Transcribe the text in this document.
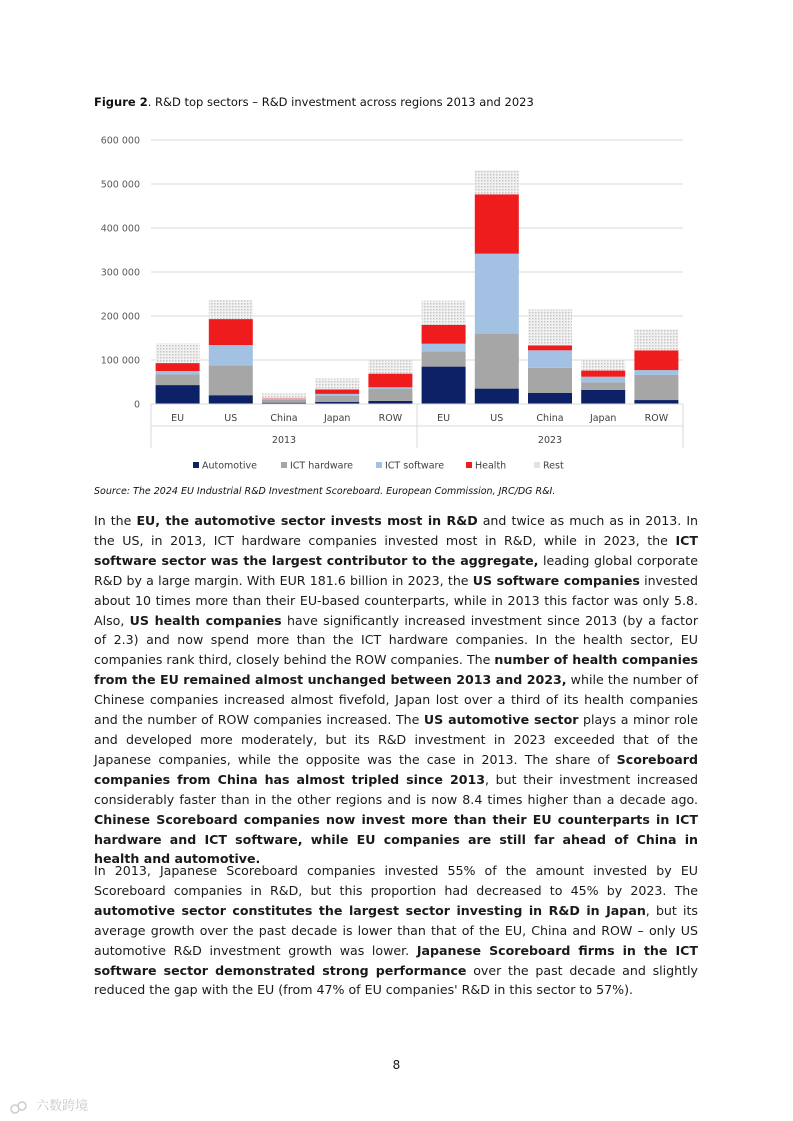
Figure 2. R&D top sectors – R&D investment across regions 2013 and 2023
0
100 000
200 000
300 000
400 000
500 000
600 000
EU	US	China	Japan	ROW	EU	US	China	Japan	ROW
2013	2023
Automotive	ICT hardware	ICT software	Health	Rest
Source: The 2024 EU Industrial R&D Investment Scoreboard. European Commission, JRC/DG R&I.
In the EU, the automotive sector invests most in R&D and twice as much as in 2013. In the US, in 2013, ICT hardware companies invested most in R&D, while in 2023, the ICT software sector was the largest contributor to the aggregate, leading global corporate R&D by a large margin. With EUR 181.6 billion in 2023, the US software companies invested about 10 times more than their EU-based counterparts, while in 2013 this factor was only 5.8. Also, US health companies have significantly increased investment since 2013 (by a factor of 2.3) and now spend more than the ICT hardware companies. In the health sector, EU companies rank third, closely behind the ROW companies. The number of health companies from the EU remained almost unchanged between 2013 and 2023, while the number of Chinese companies increased almost fivefold, Japan lost over a third of its health companies and the number of ROW companies increased. The US automotive sector plays a minor role and developed more moderately, but its R&D investment in 2023 exceeded that of the Japanese companies, while the opposite was the case in 2013. The share of Scoreboard companies from China has almost tripled since 2013, but their investment increased considerably faster than in the other regions and is now 8.4 times higher than a decade ago. Chinese Scoreboard companies now invest more than their EU counterparts in ICT hardware and ICT software, while EU companies are still far ahead of China in health and automotive.
In 2013, Japanese Scoreboard companies invested 55% of the amount invested by EU Scoreboard companies in R&D, but this proportion had decreased to 45% by 2023. The automotive sector constitutes the largest sector investing in R&D in Japan, but its average growth over the past decade is lower than that of the EU, China and ROW – only US automotive R&D investment growth was lower. Japanese Scoreboard firms in the ICT software sector demonstrated strong performance over the past decade and slightly reduced the gap with the EU (from 47% of EU companies' R&D in this sector to 57%).
8
六数跨境
